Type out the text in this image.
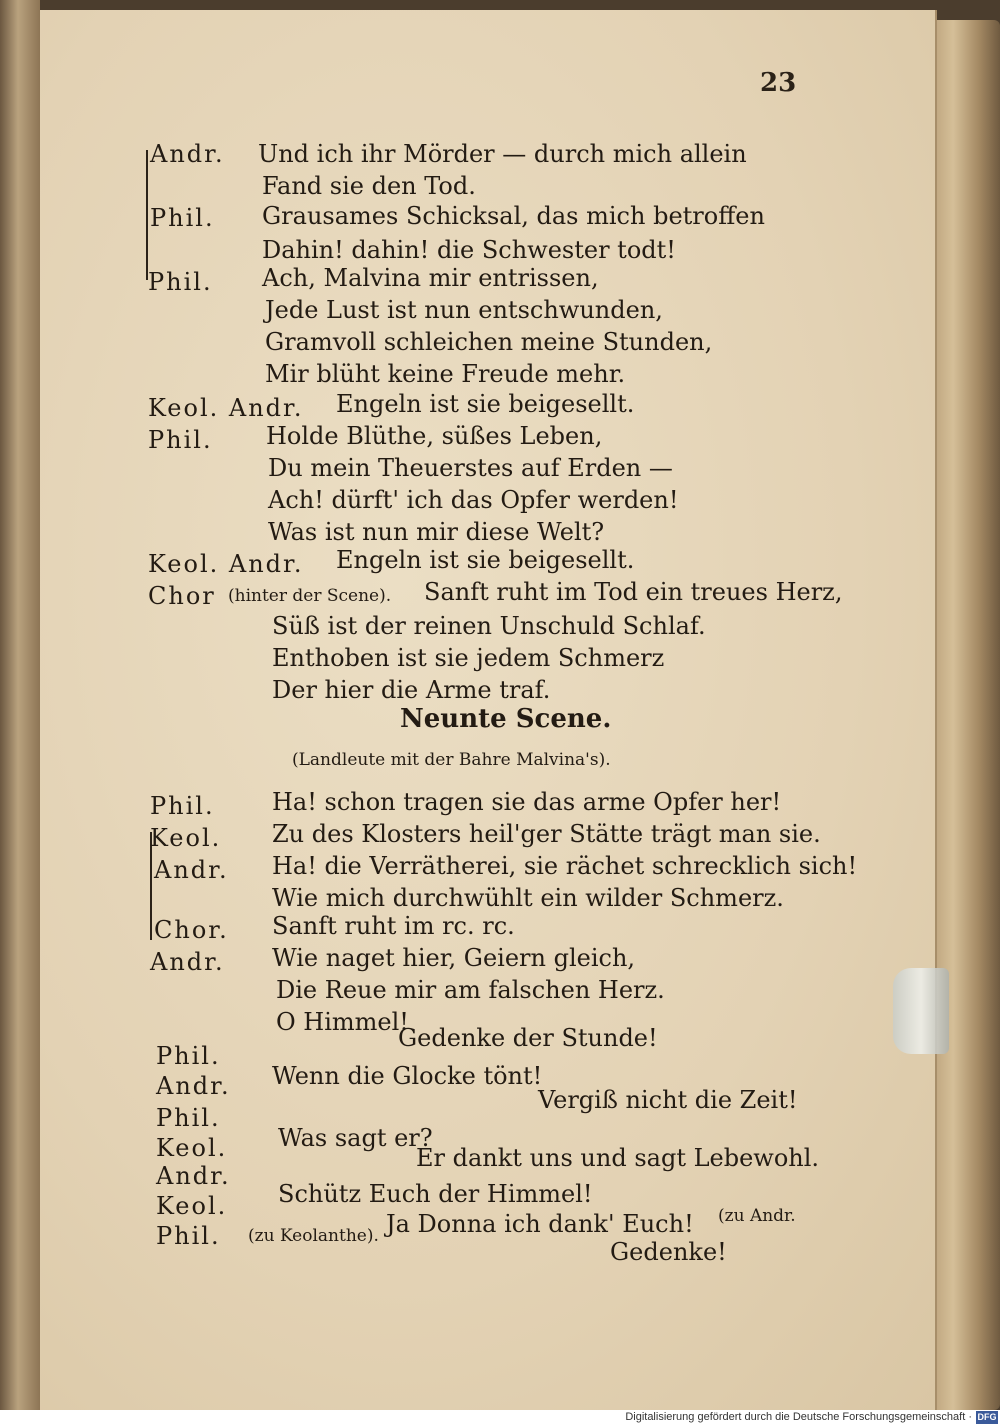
23
Andr. Und ich ihr Mörder — durch mich allein
Fand sie den Tod.
Phil. Grausames Schicksal, das mich betroffen
Dahin! dahin! die Schwester todt!
Phil. Ach, Malvina mir entrissen,
Jede Lust ist nun entschwunden,
Gramvoll schleichen meine Stunden,
Mir blüht keine Freude mehr.
Keol. Andr. Engeln ist sie beigesellt.
Phil. Holde Blüthe, süßes Leben,
Du mein Theuerstes auf Erden —
Ach! dürft' ich das Opfer werden!
Was ist nun mir diese Welt?
Keol. Andr. Engeln ist sie beigesellt.
Chor (hinter der Scene). Sanft ruht im Tod ein treues Herz,
Süß ist der reinen Unschuld Schlaf.
Enthoben ist sie jedem Schmerz
Der hier die Arme traf.
Neunte Scene.
(Landleute mit der Bahre Malvina's).
Phil. Ha! schon tragen sie das arme Opfer her!
Keol. Zu des Klosters heil'ger Stätte trägt man sie.
Andr. Ha! die Verrätherei, sie rächet schrecklich sich!
Wie mich durchwühlt ein wilder Schmerz.
Chor. Sanft ruht im rc. rc.
Andr. Wie naget hier, Geiern gleich,
Die Reue mir am falschen Herz.
O Himmel!
Phil.
Gedenke der Stunde!
Andr. Wenn die Glocke tönt!
Phil.
Vergiß nicht die Zeit!
Keol. Was sagt er?
Andr.
Er dankt uns und sagt Lebewohl.
Keol. Schütz Euch der Himmel!
Phil. (zu Keolanthe). Ja Donna ich dank' Euch! (zu Andr.
Gedenke!
Digitalisierung gefördert durch die Deutsche Forschungsgemeinschaft · DFG
